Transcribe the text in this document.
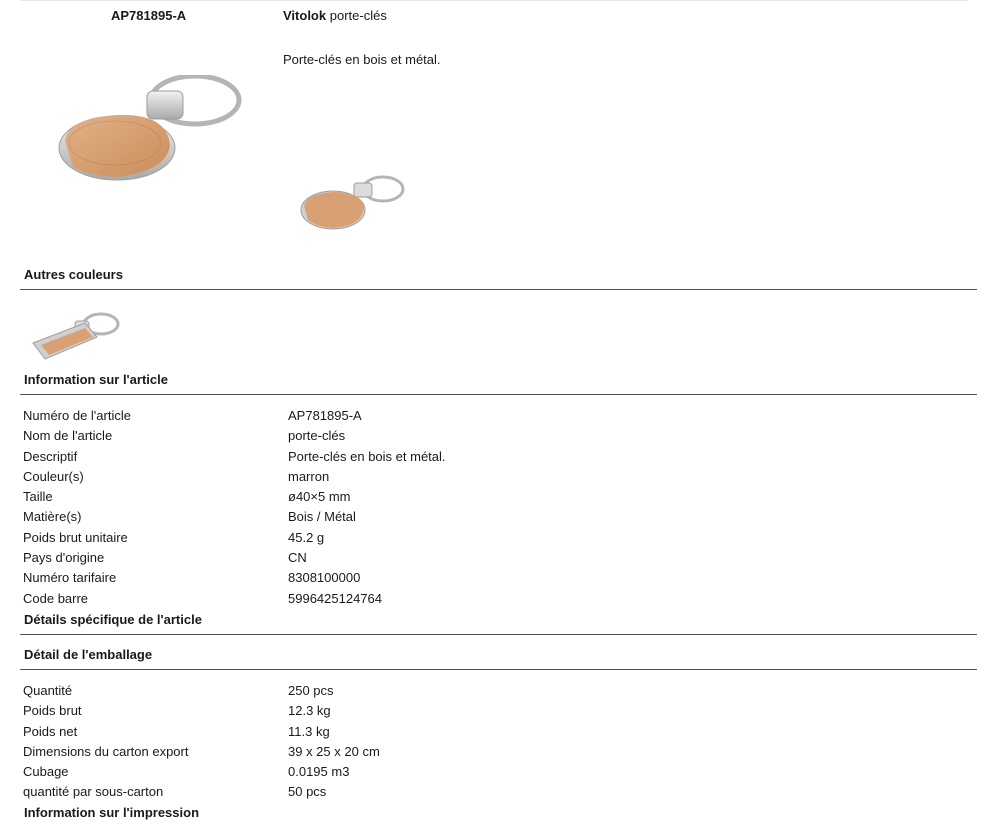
AP781895-A	Vitolok porte-clés
Porte-clés en bois et métal.
Autres couleurs
Information sur l'article
Numéro de l'article	AP781895-A
Nom de l'article	porte-clés
Descriptif	Porte-clés en bois et métal.
Couleur(s)	marron
Taille	ø40×5 mm
Matière(s)	Bois / Métal
Poids brut unitaire	45.2 g
Pays d'origine	CN
Numéro tarifaire	8308100000
Code barre	5996425124764
Détails spécifique de l'article
Détail de l'emballage
Quantité	250 pcs
Poids brut	12.3 kg
Poids net	11.3 kg
Dimensions du carton export	39 x 25 x 20 cm
Cubage	0.0195 m3
quantité par sous-carton	50 pcs
Information sur l'impression
